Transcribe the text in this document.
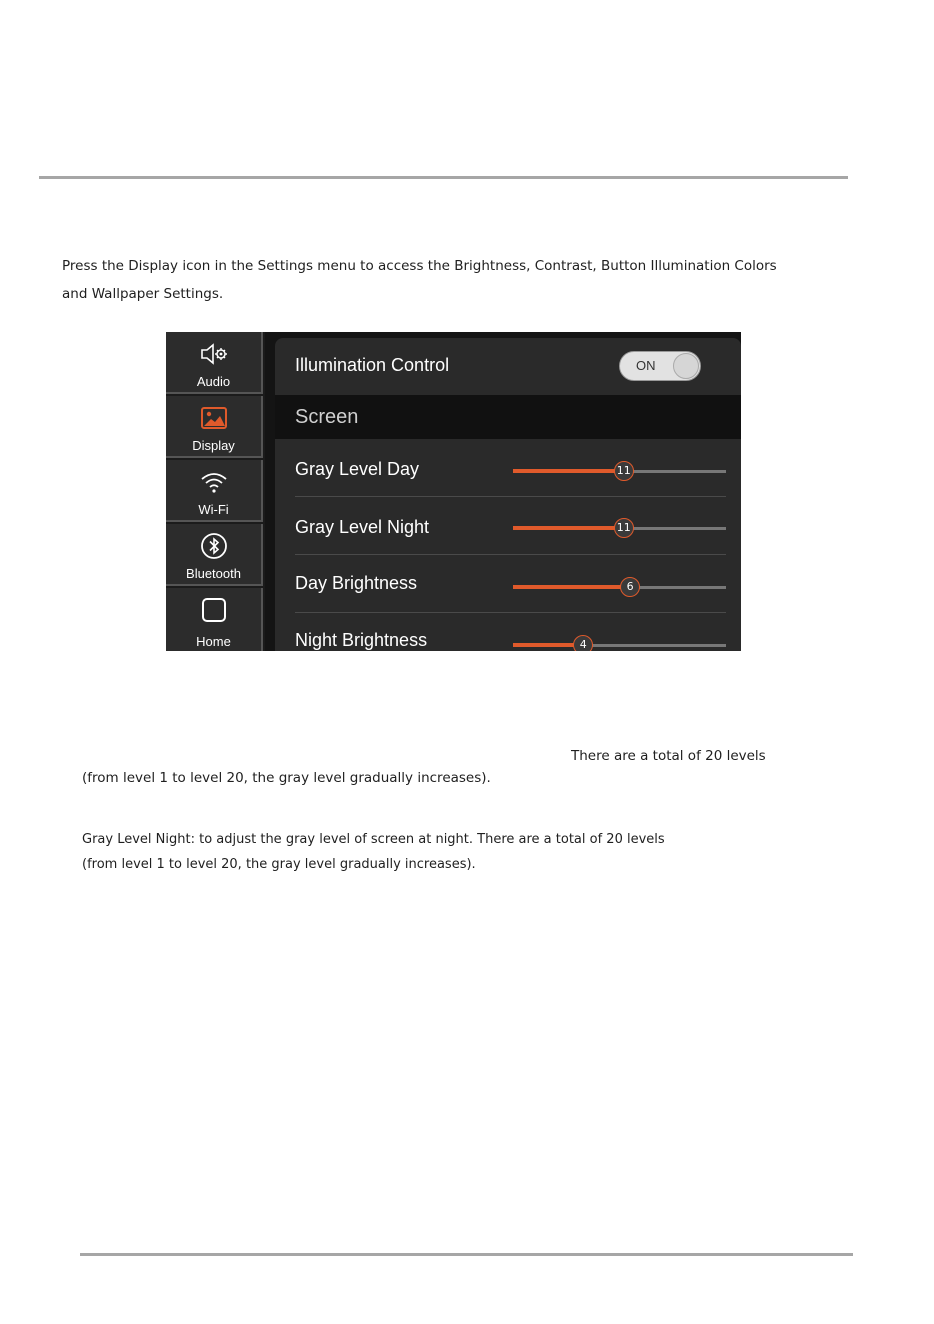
Press the Display icon in the Settings menu to access the Brightness, Contrast, Button Illumination Colors
and Wallpaper Settings.
Audio
Display
Wi-Fi
Bluetooth
Home
Illumination Control	ON
Screen
Gray Level Day	11
Gray Level Night	11
Day Brightness	6
Night Brightness	4
There are a total of 20 levels
(from level 1 to level 20, the gray level gradually increases).
Gray Level Night: to adjust the gray level of screen at night. There are a total of 20 levels
(from level 1 to level 20, the gray level gradually increases).
